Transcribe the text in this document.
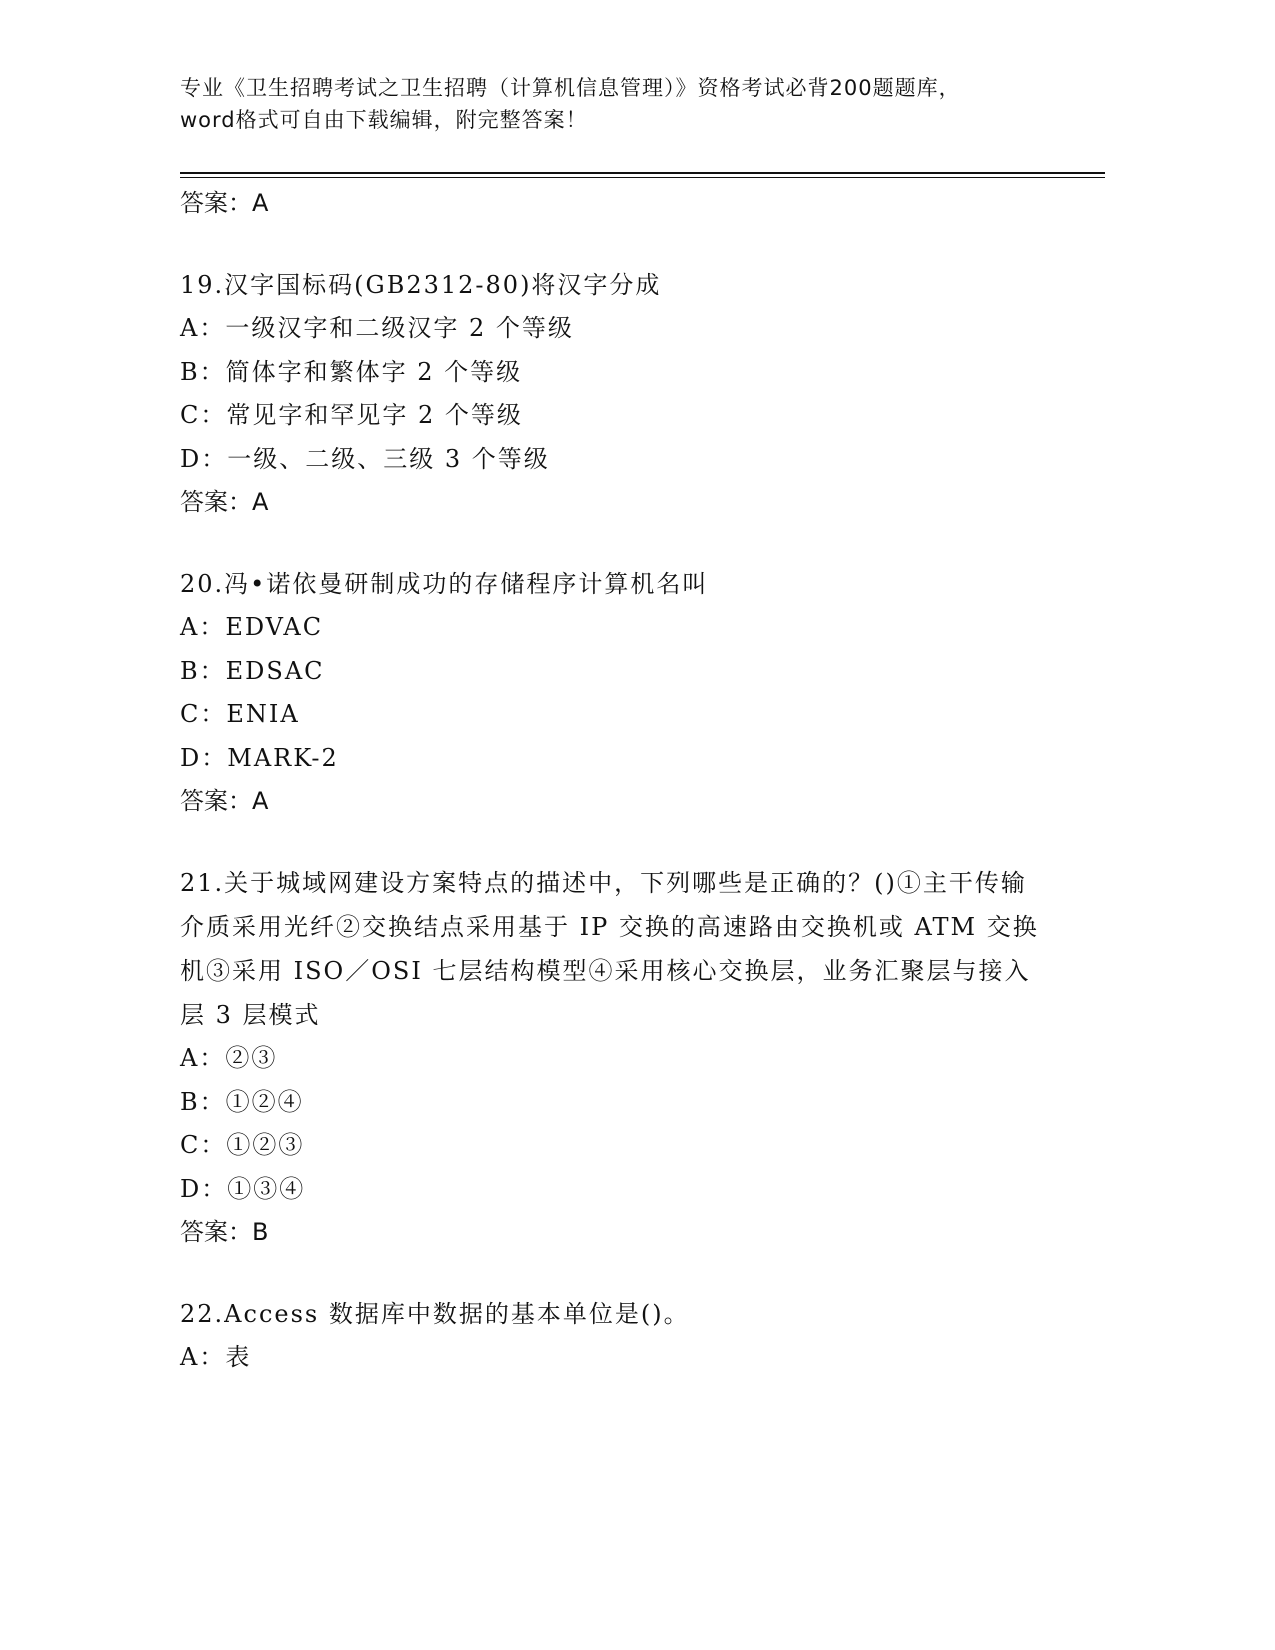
专业《卫生招聘考试之卫生招聘（计算机信息管理）》资格考试必背200题题库，
word格式可自由下载编辑，附完整答案！
答案：A

19.汉字国标码(GB2312-80)将汉字分成

A：一级汉字和二级汉字 2 个等级

B：简体字和繁体字 2 个等级

C：常见字和罕见字 2 个等级

D：一级、二级、三级 3 个等级

答案：A

20.冯•诺依曼研制成功的存储程序计算机名叫

A：EDVAC

B：EDSAC

C：ENIA

D：MARK-2

答案：A

21.关于城域网建设方案特点的描述中，下列哪些是正确的？()①主干传输介质采用光纤②交换结点采用基于 IP 交换的高速路由交换机或 ATM 交换机③采用 ISO／OSI 七层结构模型④采用核心交换层，业务汇聚层与接入层 3 层模式

A：②③

B：①②④

C：①②③

D：①③④

答案：B

22.Access 数据库中数据的基本单位是()。

A：表
